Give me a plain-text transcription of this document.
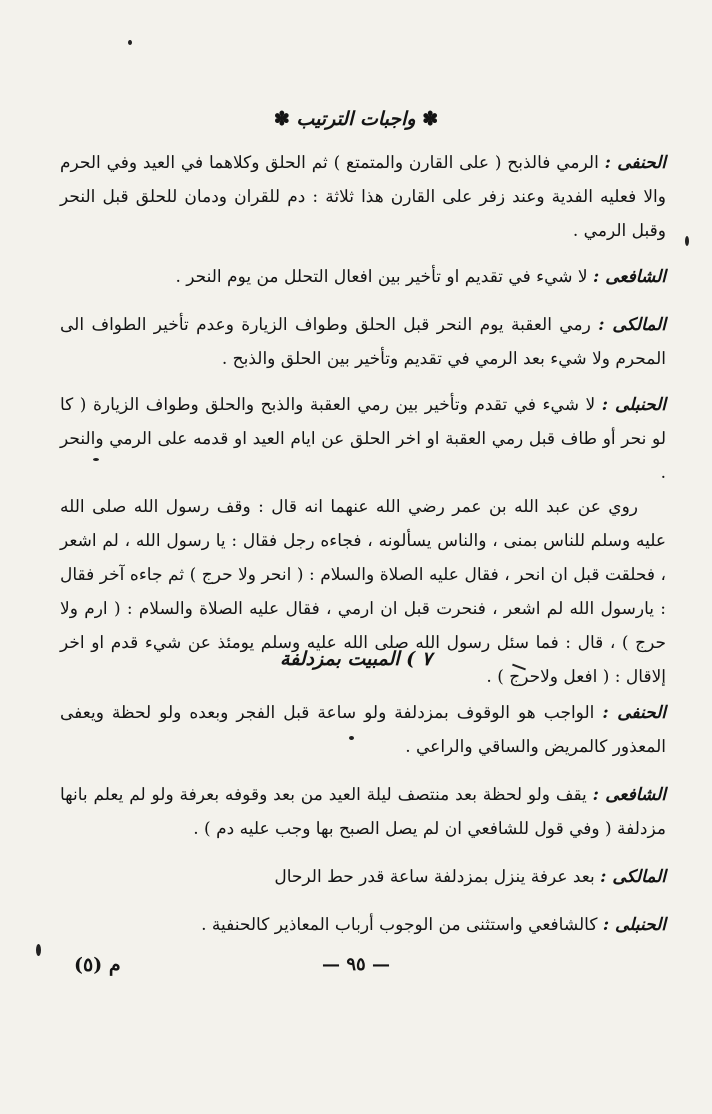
✽ واجبات الترتيب ✽

الحنفى : الرمي فالذبح ( على القارن والمتمتع ) ثم الحلق وكلاهما في العيد وفي الحرم والا فعليه الفدية وعند زفر على القارن هذا ثلاثة : دم للقران ودمان للحلق قبل النحر وقبل الرمي .

الشافعى : لا شيء في تقديم او تأخير بين افعال التحلل من يوم النحر .

المالكى : رمي العقبة يوم النحر قبل الحلق وطواف الزيارة وعدم تأخير الطواف الى المحرم ولا شيء بعد الرمي في تقديم وتأخير بين الحلق والذبح .

الحنبلى : لا شيء في تقدم وتأخير بين رمي العقبة والذبح والحلق وطواف الزيارة ( كا لو نحر أو طاف قبل رمي العقبة او اخر الحلق عن ايام العيد او قدمه على الرمي والنحر .

روي عن عبد الله بن عمر رضي الله عنهما انه قال : وقف رسول الله صلى الله عليه وسلم للناس بمنى ، والناس يسألونه ، فجاءه رجل فقال : يا رسول الله ، لم اشعر ، فحلقت قبل ان انحر ، فقال عليه الصلاة والسلام : ( انحر ولا حرج ) ثم جاءه آخر فقال : يارسول الله لم اشعر ، فنحرت قبل ان ارمي ، فقال عليه الصلاة والسلام : ( ارم ولا حرج ) ، قال : فما سئل رسول الله صلى الله عليه وسلم يومئذ عن شيء قدم او اخر إلاقال : ( افعل ولاحرج ) .

٧ ) المبيت بمزدلفة

الحنفى : الواجب هو الوقوف بمزدلفة ولو ساعة قبل الفجر وبعده ولو لحظة ويعفى المعذور كالمريض والساقي والراعي .

الشافعى : يقف ولو لحظة بعد منتصف ليلة العيد من بعد وقوفه بعرفة ولو لم يعلم بانها مزدلفة ( وفي قول للشافعي ان لم يصل الصبح بها وجب عليه دم ) .

المالكى : بعد عرفة ينزل بمزدلفة ساعة قدر حط الرحال

الحنبلى : كالشافعي واستثنى من الوجوب أرباب المعاذير كالحنفية .

— ٩٥ —
م (٥)
